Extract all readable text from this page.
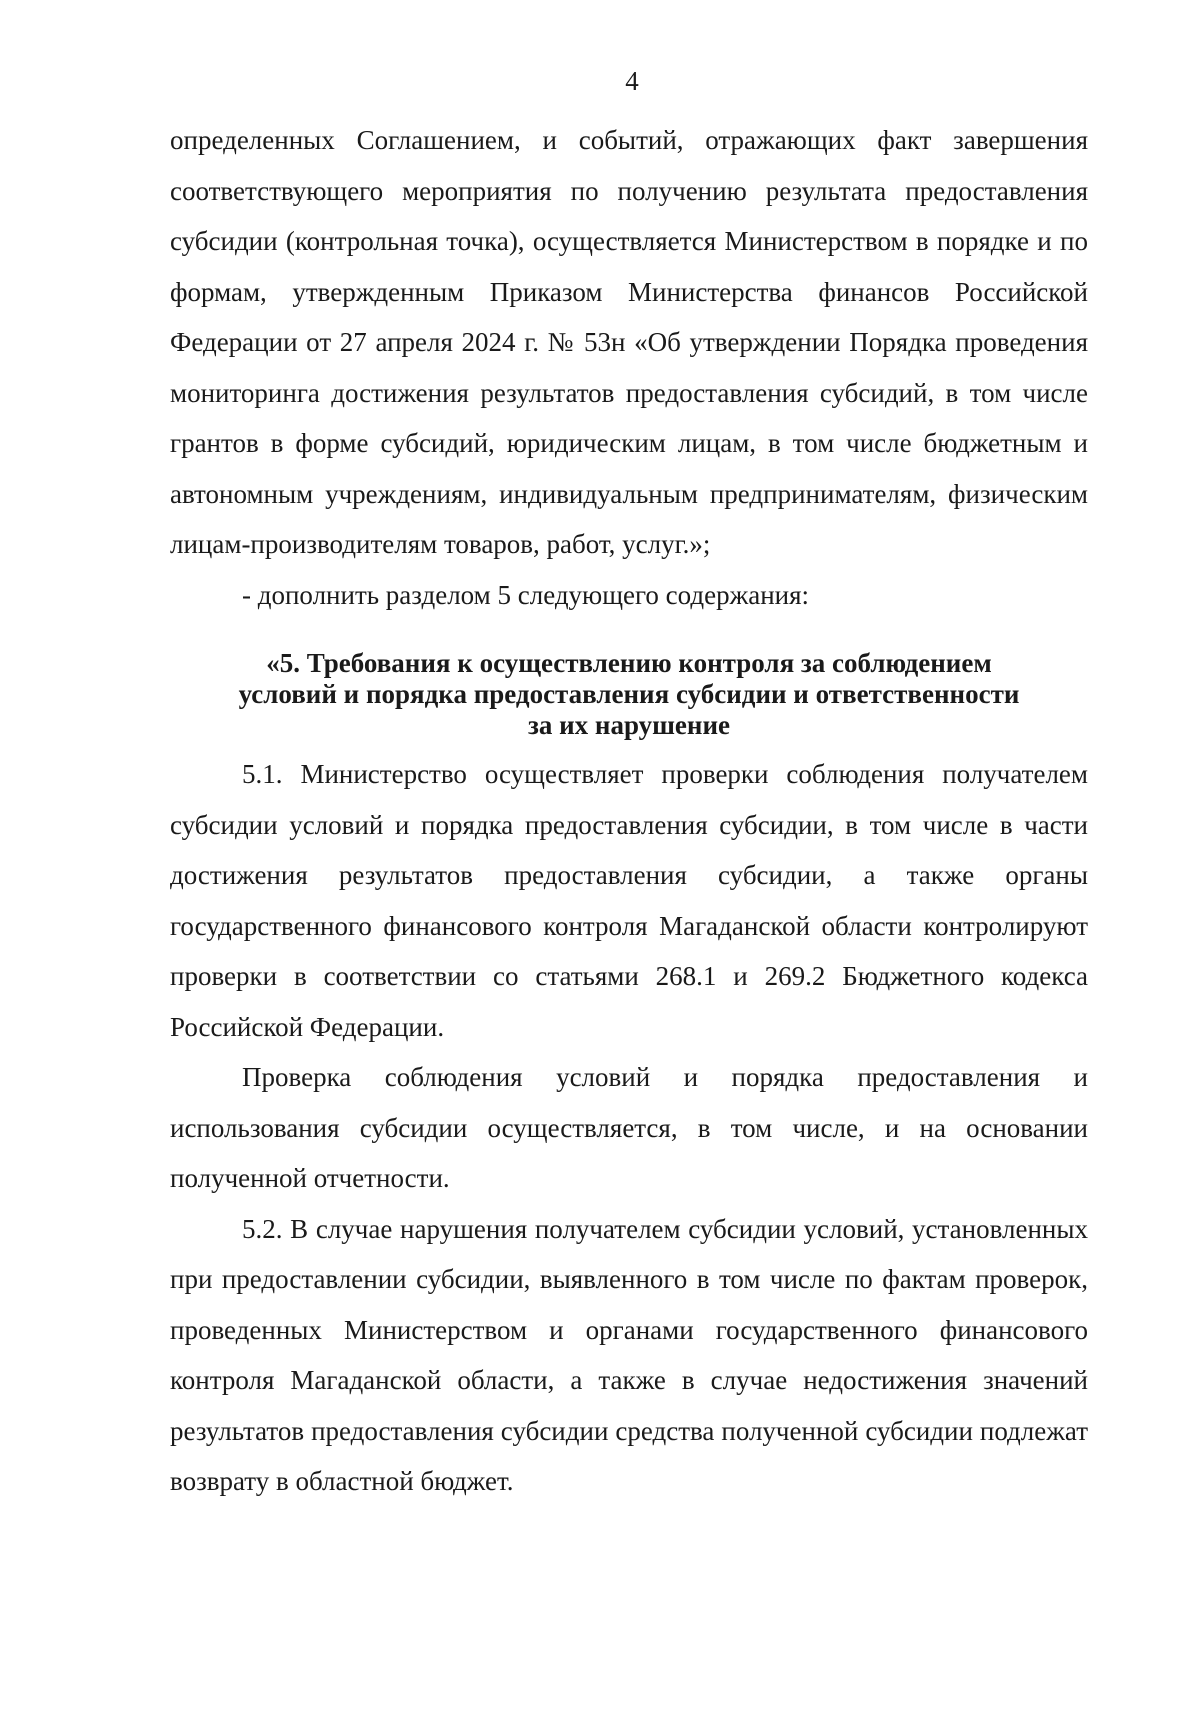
4

определенных Соглашением, и событий, отражающих факт завершения соответствующего мероприятия по получению результата предоставления субсидии (контрольная точка), осуществляется Министерством в порядке и по формам, утвержденным Приказом Министерства финансов Российской Федерации от 27 апреля 2024 г. № 53н «Об утверждении Порядка проведения мониторинга достижения результатов предоставления субсидий, в том числе грантов в форме субсидий, юридическим лицам, в том числе бюджетным и автономным учреждениям, индивидуальным предпринимателям, физическим лицам-производителям товаров, работ, услуг.»;

- дополнить разделом 5 следующего содержания:

«5. Требования к осуществлению контроля за соблюдением
условий и порядка предоставления субсидии и ответственности
за их нарушение

5.1. Министерство осуществляет проверки соблюдения получателем субсидии условий и порядка предоставления субсидии, в том числе в части достижения результатов предоставления субсидии, а также органы государственного финансового контроля Магаданской области контролируют проверки в соответствии со статьями 268.1 и 269.2 Бюджетного кодекса Российской Федерации.

Проверка соблюдения условий и порядка предоставления и использования субсидии осуществляется, в том числе, и на основании полученной отчетности.

5.2. В случае нарушения получателем субсидии условий, установленных при предоставлении субсидии, выявленного в том числе по фактам проверок, проведенных Министерством и органами государственного финансового контроля Магаданской области, а также в случае недостижения значений результатов предоставления субсидии средства полученной субсидии подлежат возврату в областной бюджет.
